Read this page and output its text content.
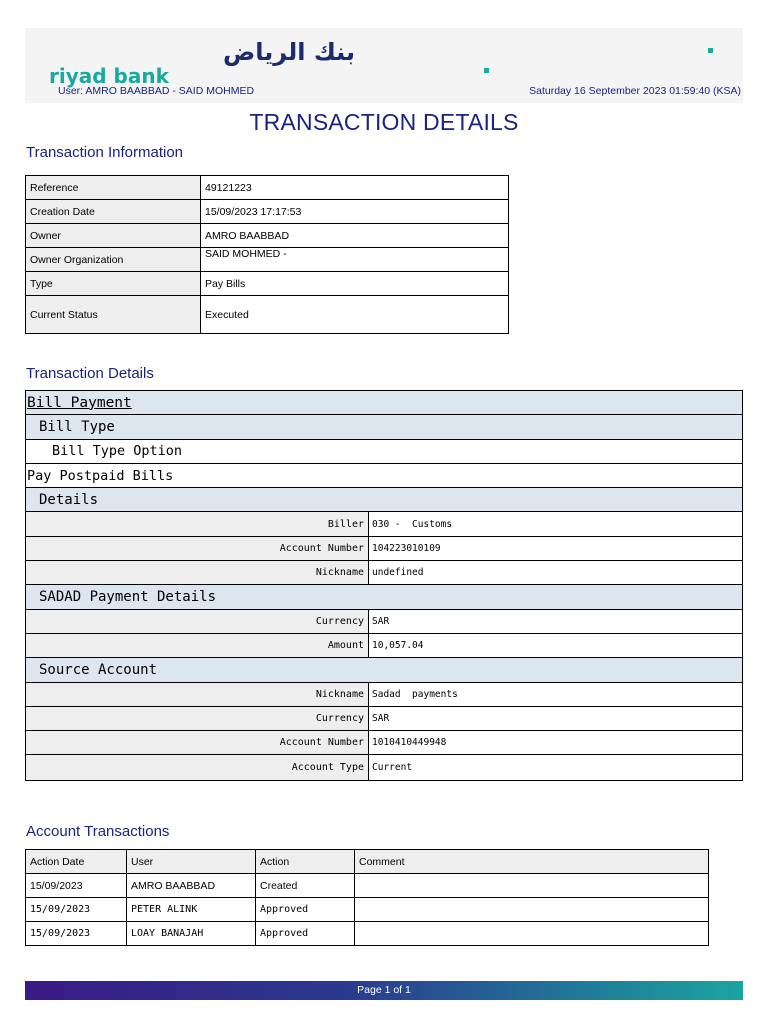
بنك الرياض
riyad bank
User: AMRO BAABBAD - SAID MOHMED	Saturday 16 September 2023 01:59:40 (KSA)
TRANSACTION DETAILS
Transaction Information
Reference	49121223
Creation Date	15/09/2023 17:17:53
Owner	AMRO BAABBAD
Owner Organization	SAID MOHMED -
Type	Pay Bills
Current Status	Executed
Transaction Details
Bill Payment
Bill Type
Bill Type Option
Pay Postpaid Bills
Details
Biller 030 -  Customs
Account Number 104223010109
Nickname undefined
SADAD Payment Details
Currency SAR
Amount 10,057.04
Source Account
Nickname Sadad  payments
Currency SAR
Account Number 1010410449948
Account Type Current
Account Transactions
Action Date	User	Action	Comment
15/09/2023	AMRO BAABBAD	Created	
15/09/2023	PETER ALINK	Approved	
15/09/2023	LOAY BANAJAH	Approved	
Page 1 of 1
